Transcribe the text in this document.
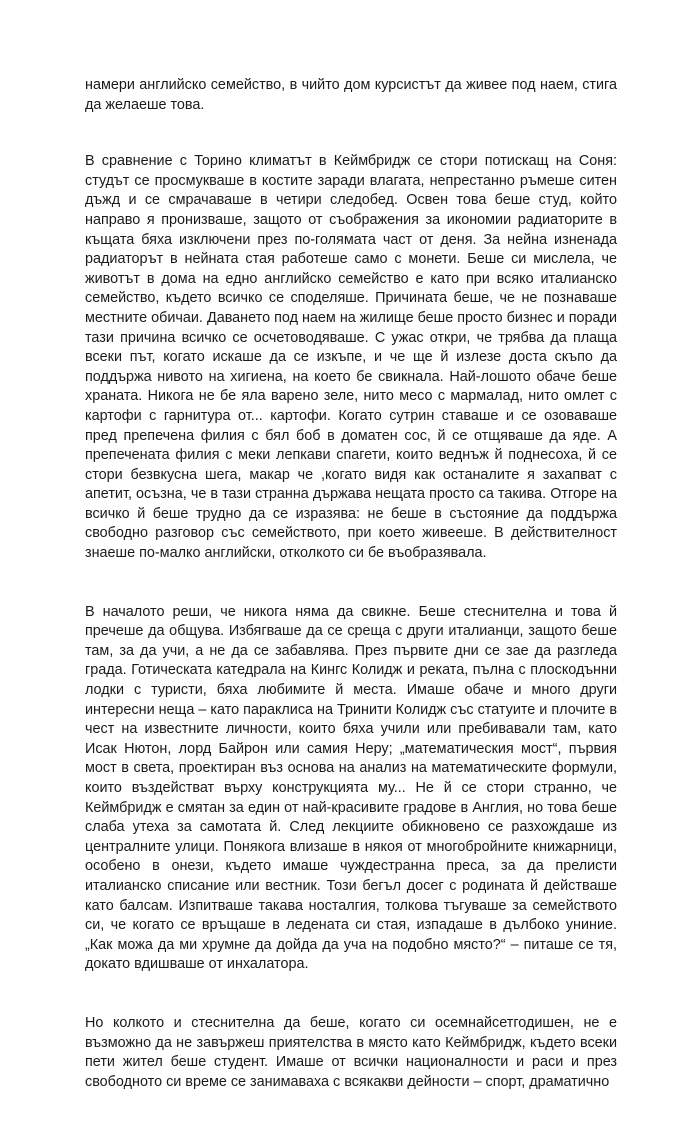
намери английско семейство, в чийто дом курсистът да живее под наем, стига да желаеше това.

В сравнение с Торино климатът в Кеймбридж се стори потискащ на Соня: студът се просмукваше в костите заради влагата, непрестанно ръмеше ситен дъжд и се смрачаваше в четири следобед. Освен това беше студ, който направо я пронизваше, защото от съображения за икономии радиаторите в къщата бяха изключени през по-голямата част от деня. За нейна изненада радиаторът в нейната стая работеше само с монети. Беше си мислела, че животът в дома на едно английско семейство е като при всяко италианско семейство, където всичко се споделяше. Причината беше, че не познаваше местните обичаи. Даването под наем на жилище беше просто бизнес и поради тази причина всичко се осчетоводяваше. С ужас откри, че трябва да плаща всеки път, когато искаше да се изкъпе, и че ще й излезе доста скъпо да поддържа нивото на хигиена, на което бе свикнала. Най-лошото обаче беше храната. Никога не бе яла варено зеле, нито месо с мармалад, нито омлет с картофи с гарнитура от... картофи. Когато сутрин ставаше и се озоваваше пред препечена филия с бял боб в доматен сос, й се отщяваше да яде. А препечената филия с меки лепкави спагети, които веднъж й поднесоха, й се стори безвкусна шега, макар че ,когато видя как останалите я захапват с апетит, осъзна, че в тази странна държава нещата просто са такива. Отгоре на всичко й беше трудно да се изразява: не беше в състояние да поддържа свободно разговор със семейството, при което живееше. В действителност знаеше по-малко английски, отколкото си бе въобразявала.

В началото реши, че никога няма да свикне. Беше стеснителна и това й пречеше да общува. Избягваше да се среща с други италианци, защото беше там, за да учи, а не да се забавлява. През първите дни се зае да разгледа града. Готическата катедрала на Кингс Колидж и реката, пълна с плоскодънни лодки с туристи, бяха любимите й места. Имаше обаче и много други интересни неща – като параклиса на Тринити Колидж със статуите и плочите в чест на известните личности, които бяха учили или пребивавали там, като Исак Нютон, лорд Байрон или самия Неру; „математическия мост“, първия мост в света, проектиран въз основа на анализ на математическите формули, които въздействат върху конструкцията му... Не й се стори странно, че Кеймбридж е смятан за един от най-красивите градове в Англия, но това беше слаба утеха за самотата й. След лекциите обикновено се разхождаше из централните улици. Понякога влизаше в някоя от многобройните книжарници, особено в онези, където имаше чуждестранна преса, за да прелисти италианско списание или вестник. Този бегъл досег с родината й действаше като балсам. Изпитваше такава носталгия, толкова тъгуваше за семейството си, че когато се връщаше в ледената си стая, изпадаше в дълбоко униние. „Как можа да ми хрумне да дойда да уча на подобно място?“ – питаше се тя, докато вдишваше от инхалатора.

Но колкото и стеснителна да беше, когато си осемнайсетгодишен, не е възможно да не завържеш приятелства в място като Кеймбридж, където всеки пети жител беше студент. Имаше от всички националности и раси и през свободното си време се занимаваха с всякакви дейности – спорт, драматично
